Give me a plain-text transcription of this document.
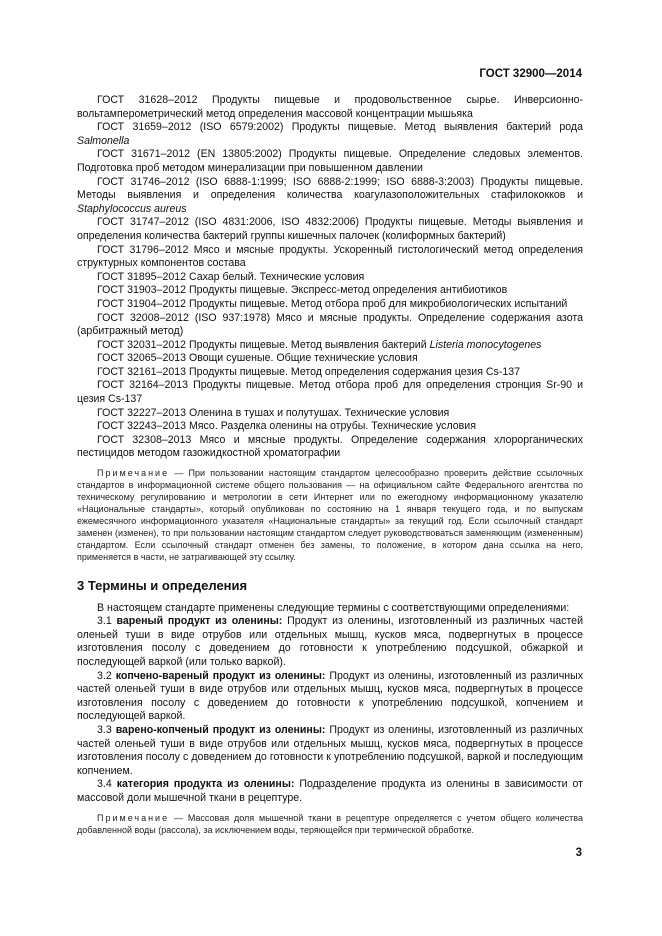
ГОСТ 32900—2014

ГОСТ 31628–2012 Продукты пищевые и продовольственное сырье. Инверсионно-вольтамперометрический метод определения массовой концентрации мышьяка

ГОСТ 31659–2012 (ISO 6579:2002) Продукты пищевые. Метод выявления бактерий рода Salmonella

ГОСТ 31671–2012 (EN 13805:2002) Продукты пищевые. Определение следовых элементов. Подготовка проб методом минерализации при повышенном давлении

ГОСТ 31746–2012 (ISO 6888-1:1999; ISO 6888-2:1999; ISO 6888-3:2003) Продукты пищевые. Методы выявления и определения количества коагулазоположительных стафилококков и Staphylococcus aureus

ГОСТ 31747–2012 (ISO 4831:2006, ISO 4832:2006) Продукты пищевые. Методы выявления и определения количества бактерий группы кишечных палочек (колиформных бактерий)

ГОСТ 31796–2012 Мясо и мясные продукты. Ускоренный гистологический метод определения структурных компонентов состава

ГОСТ 31895–2012 Сахар белый. Технические условия

ГОСТ 31903–2012 Продукты пищевые. Экспресс-метод определения антибиотиков

ГОСТ 31904–2012 Продукты пищевые. Метод отбора проб для микробиологических испытаний

ГОСТ 32008–2012 (ISO 937:1978) Мясо и мясные продукты. Определение содержания азота (арбитражный метод)

ГОСТ 32031–2012 Продукты пищевые. Метод выявления бактерий Listeria monocytogenes

ГОСТ 32065–2013 Овощи сушеные. Общие технические условия

ГОСТ 32161–2013 Продукты пищевые. Метод определения содержания цезия Cs-137

ГОСТ 32164–2013 Продукты пищевые. Метод отбора проб для определения стронция Sr-90 и цезия Cs-137

ГОСТ 32227–2013 Оленина в тушах и полутушах. Технические условия

ГОСТ 32243–2013 Мясо. Разделка оленины на отрубы. Технические условия

ГОСТ 32308–2013 Мясо и мясные продукты. Определение содержания хлорорганических пестицидов методом газожидкостной хроматографии

Примечание — При пользовании настоящим стандартом целесообразно проверить действие ссылочных стандартов в информационной системе общего пользования — на официальном сайте Федерального агентства по техническому регулированию и метрологии в сети Интернет или по ежегодному информационному указателю «Национальные стандарты», который опубликован по состоянию на 1 января текущего года, и по выпускам ежемесячного информационного указателя «Национальные стандарты» за текущий год. Если ссылочный стандарт заменен (изменен), то при пользовании настоящим стандартом следует руководствоваться заменяющим (измененным) стандартом. Если ссылочный стандарт отменен без замены, то положение, в котором дана ссылка на него, применяется в части, не затрагивающей эту ссылку.

3 Термины и определения

В настоящем стандарте применены следующие термины с соответствующими определениями:

3.1 вареный продукт из оленины: Продукт из оленины, изготовленный из различных частей оленьей туши в виде отрубов или отдельных мышц, кусков мяса, подвергнутых в процессе изготовления посолу с доведением до готовности к употреблению подсушкой, обжаркой и последующей варкой (или только варкой).

3.2 копчено-вареный продукт из оленины: Продукт из оленины, изготовленный из различных частей оленьей туши в виде отрубов или отдельных мышц, кусков мяса, подвергнутых в процессе изготовления посолу с доведением до готовности к употреблению подсушкой, копчением и последующей варкой.

3.3 варено-копченый продукт из оленины: Продукт из оленины, изготовленный из различных частей оленьей туши в виде отрубов или отдельных мышц, кусков мяса, подвергнутых в процессе изготовления посолу с доведением до готовности к употреблению подсушкой, варкой и последующим копчением.

3.4 категория продукта из оленины: Подразделение продукта из оленины в зависимости от массовой доли мышечной ткани в рецептуре.

Примечание — Массовая доля мышечной ткани в рецептуре определяется с учетом общего количества добавленной воды (рассола), за исключением воды, теряющейся при термической обработке.

3
